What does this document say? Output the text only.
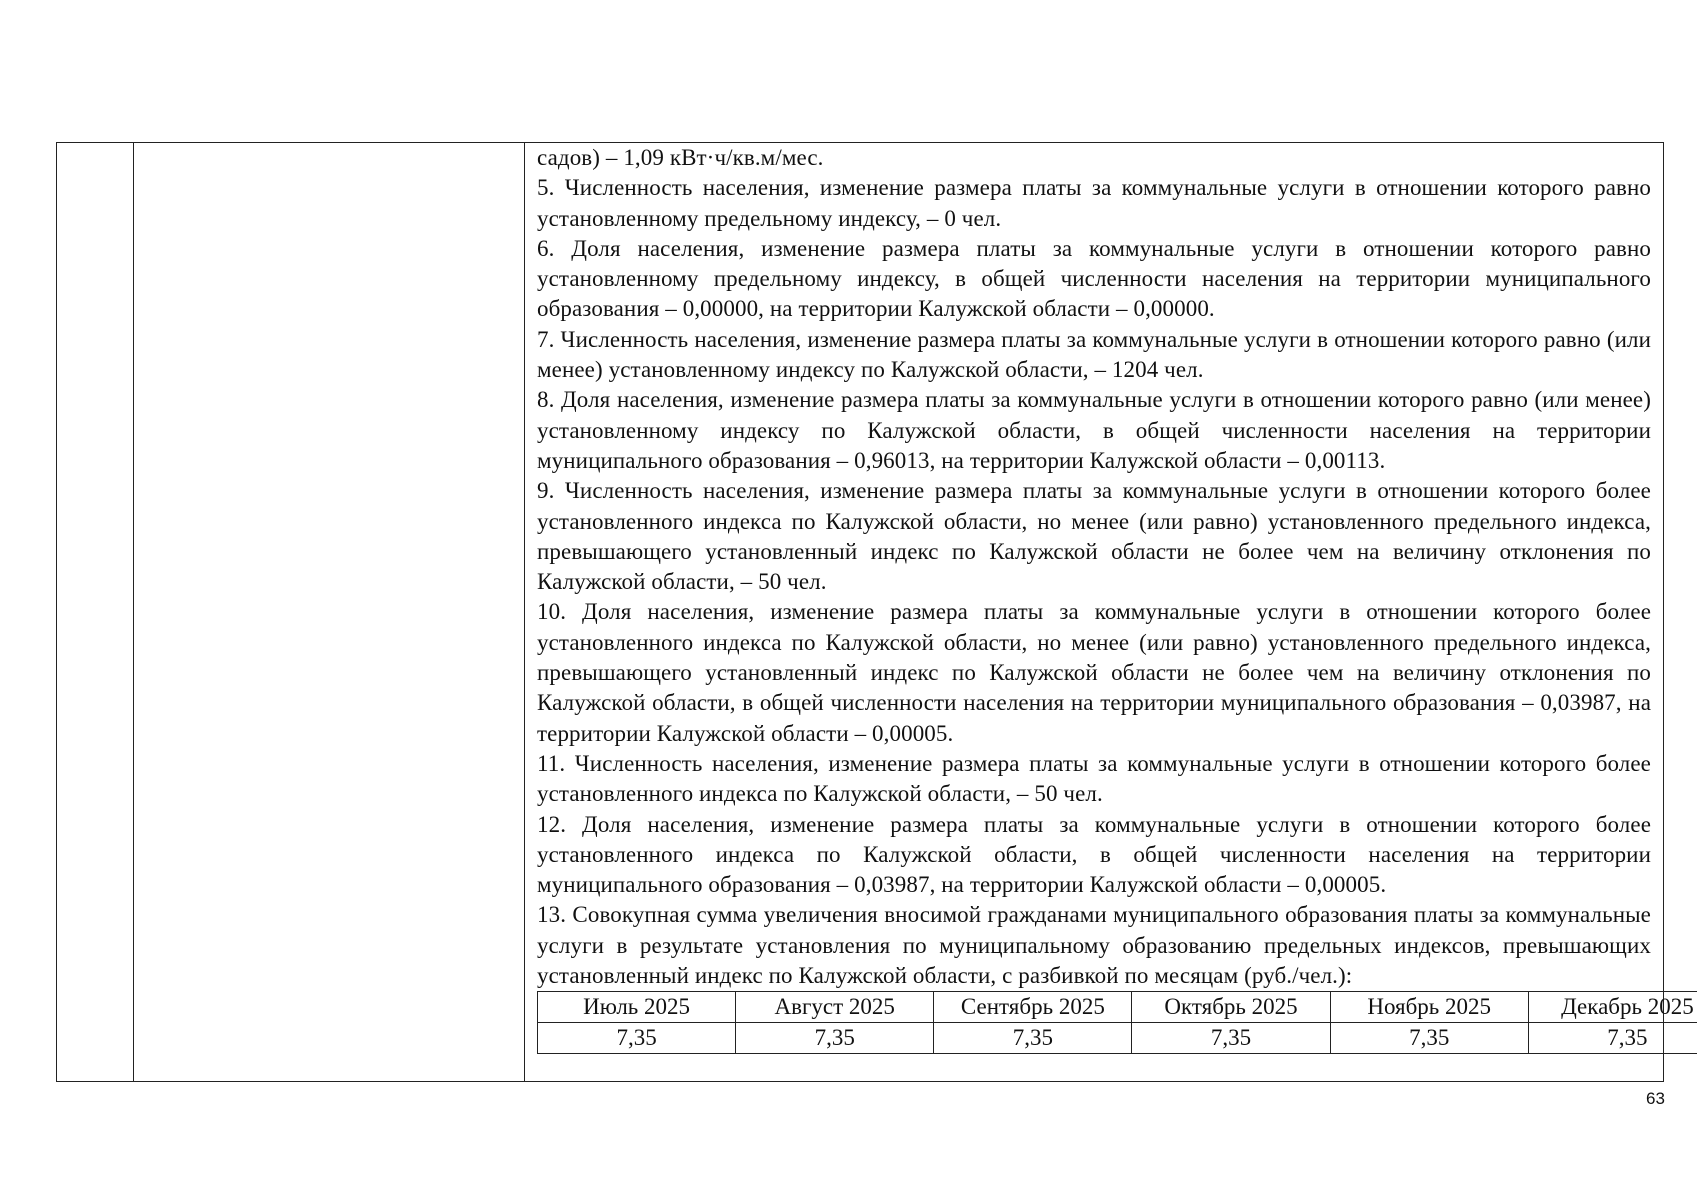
садов) – 1,09 кВт·ч/кв.м/мес.

5. Численность населения, изменение размера платы за коммунальные услуги в отношении которого равно установленному предельному индексу, – 0 чел.

6. Доля населения, изменение размера платы за коммунальные услуги в отношении которого равно установленному предельному индексу, в общей численности населения на территории муниципального образования – 0,00000, на территории Калужской области – 0,00000.

7. Численность населения, изменение размера платы за коммунальные услуги в отношении которого равно (или менее) установленному индексу по Калужской области, – 1204 чел.

8. Доля населения, изменение размера платы за коммунальные услуги в отношении которого равно (или менее) установленному индексу по Калужской области, в общей численности населения на территории муниципального образования – 0,96013, на территории Калужской области – 0,00113.

9. Численность населения, изменение размера платы за коммунальные услуги в отношении которого более установленного индекса по Калужской области, но менее (или равно) установленного предельного индекса, превышающего установленный индекс по Калужской области не более чем на величину отклонения по Калужской области, – 50 чел.

10. Доля населения, изменение размера платы за коммунальные услуги в отношении которого более установленного индекса по Калужской области, но менее (или равно) установленного предельного индекса, превышающего установленный индекс по Калужской области не более чем на величину отклонения по Калужской области, в общей численности населения на территории муниципального образования – 0,03987, на территории Калужской области – 0,00005.

11. Численность населения, изменение размера платы за коммунальные услуги в отношении которого более установленного индекса по Калужской области, – 50 чел.

12. Доля населения, изменение размера платы за коммунальные услуги в отношении которого более установленного индекса по Калужской области, в общей численности населения на территории муниципального образования – 0,03987, на территории Калужской области – 0,00005.

13. Совокупная сумма увеличения вносимой гражданами муниципального образования платы за коммунальные услуги в результате установления по муниципальному образованию предельных индексов, превышающих установленный индекс по Калужской области, с разбивкой по месяцам (руб./чел.):

Июль 2025	Август 2025	Сентябрь 2025	Октябрь 2025	Ноябрь 2025	Декабрь 2025
7,35	7,35	7,35	7,35	7,35	7,35
63
